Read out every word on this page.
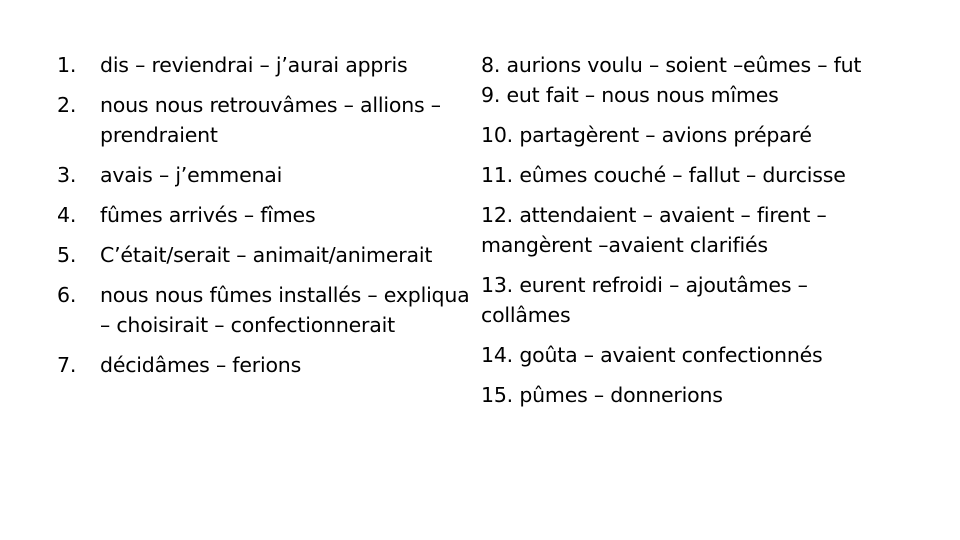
1. dis – reviendrai – j’aurai appris
2. nous nous retrouvâmes – allions – prendraient
3. avais – j’emmenai
4. fûmes arrivés – fîmes
5. C’était/serait – animait/animerait
6. nous nous fûmes installés – expliqua – choisirait – confectionnerait
7. décidâmes – ferions
8. aurions voulu – soient –eûmes – fut
9. eut fait – nous nous mîmes
10. partagèrent – avions préparé
11. eûmes couché – fallut – durcisse
12. attendaient – avaient – firent – mangèrent –avaient clarifiés
13. eurent refroidi – ajoutâmes – collâmes
14. goûta – avaient confectionnés
15. pûmes – donnerions
